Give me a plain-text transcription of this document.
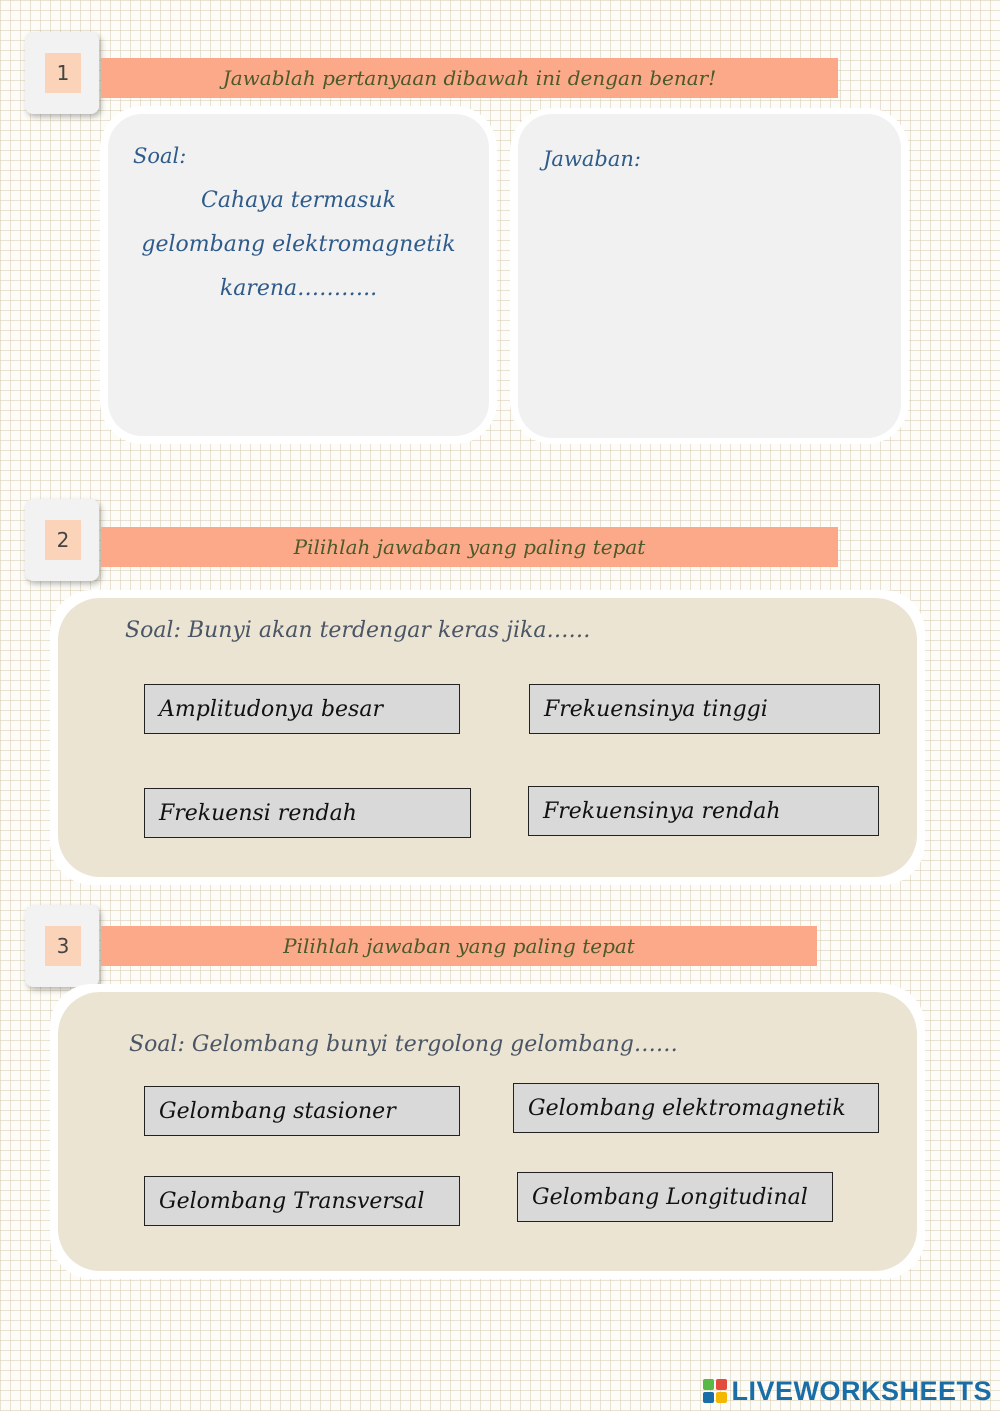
1	Jawablah pertanyaan dibawah ini dengan benar!
Soal:
Cahaya termasuk
gelombang elektromagnetik
karena………..
Jawaban:
2	Pilihlah jawaban yang paling tepat
Soal: Bunyi akan terdengar keras jika……
Amplitudonya besar	Frekuensinya tinggi
Frekuensi rendah	Frekuensinya rendah
3	Pilihlah jawaban yang paling tepat
Soal: Gelombang bunyi tergolong gelombang……
Gelombang stasioner	Gelombang elektromagnetik
Gelombang Transversal	Gelombang Longitudinal
LIVEWORKSHEETS
